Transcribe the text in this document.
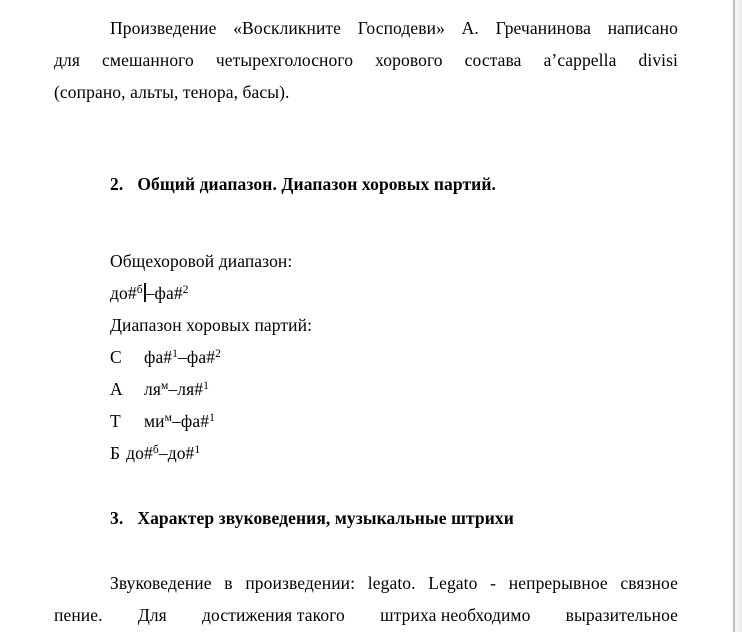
Произведение «Воскликните Господеви» А. Гречанинова написано
для смешанного четырехголосного хорового состава a’cappella divisi
(сопрано, альты, тенора, басы).
2. Общий диапазон. Диапазон хоровых партий.
Общехоровой диапазон:
до#$^б$ –фа#$^2$
Диапазон хоровых партий:
С фа#$^1$–фа#$^2$
А $ля^м-ля\#^1$
Т $ми^м-фа\#^1$
Б до#$^б$–до#$^1$
3. Характер звуковедения, музыкальные штрихи
Звуковедение в произведении: legato. Legato - непрерывное связное
пение. Для достижения такого штриха необходимо выразительное
